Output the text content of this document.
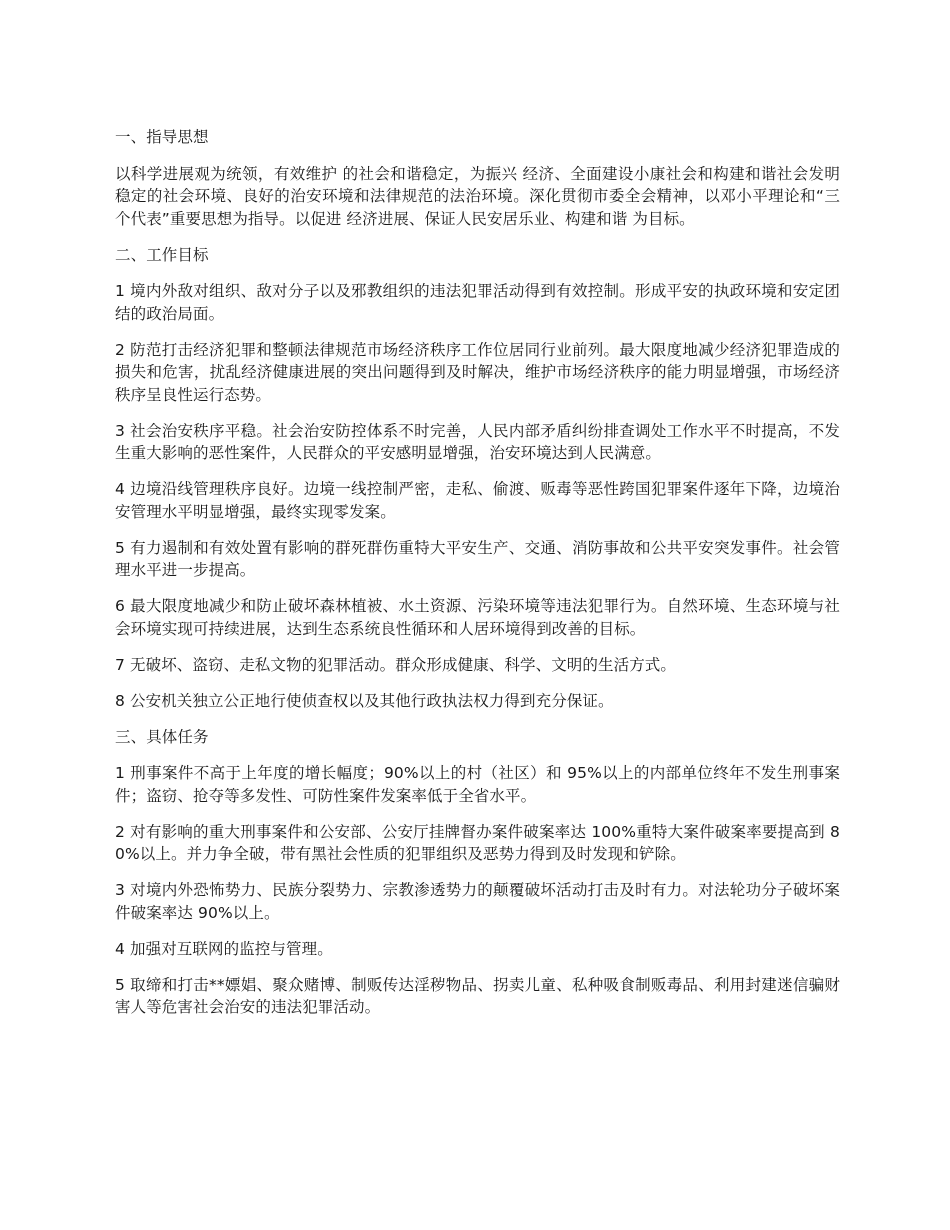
一、指导思想
以科学进展观为统领，有效维护 的社会和谐稳定，为振兴 经济、全面建设小康社会和构建和谐社会发明稳定的社会环境、良好的治安环境和法律规范的法治环境。深化贯彻市委全会精神，以邓小平理论和“三个代表”重要思想为指导。以促进 经济进展、保证人民安居乐业、构建和谐 为目标。
二、工作目标
1 境内外敌对组织、敌对分子以及邪教组织的违法犯罪活动得到有效控制。形成平安的执政环境和安定团结的政治局面。
2 防范打击经济犯罪和整顿法律规范市场经济秩序工作位居同行业前列。最大限度地减少经济犯罪造成的损失和危害，扰乱经济健康进展的突出问题得到及时解决，维护市场经济秩序的能力明显增强，市场经济秩序呈良性运行态势。
3 社会治安秩序平稳。社会治安防控体系不时完善，人民内部矛盾纠纷排查调处工作水平不时提高，不发生重大影响的恶性案件，人民群众的平安感明显增强，治安环境达到人民满意。
4 边境沿线管理秩序良好。边境一线控制严密，走私、偷渡、贩毒等恶性跨国犯罪案件逐年下降，边境治安管理水平明显增强，最终实现零发案。
5 有力遏制和有效处置有影响的群死群伤重特大平安生产、交通、消防事故和公共平安突发事件。社会管理水平进一步提高。
6 最大限度地减少和防止破坏森林植被、水土资源、污染环境等违法犯罪行为。自然环境、生态环境与社会环境实现可持续进展，达到生态系统良性循环和人居环境得到改善的目标。
7 无破坏、盗窃、走私文物的犯罪活动。群众形成健康、科学、文明的生活方式。
8 公安机关独立公正地行使侦查权以及其他行政执法权力得到充分保证。
三、具体任务
1 刑事案件不高于上年度的增长幅度；90%以上的村（社区）和 95%以上的内部单位终年不发生刑事案件；盗窃、抢夺等多发性、可防性案件发案率低于全省水平。
2 对有影响的重大刑事案件和公安部、公安厅挂牌督办案件破案率达 100%重特大案件破案率要提高到 80%以上。并力争全破，带有黑社会性质的犯罪组织及恶势力得到及时发现和铲除。
3 对境内外恐怖势力、民族分裂势力、宗教渗透势力的颠覆破坏活动打击及时有力。对法轮功分子破坏案件破案率达 90%以上。
4 加强对互联网的监控与管理。
5 取缔和打击**嫖娼、聚众赌博、制贩传达淫秽物品、拐卖儿童、私种吸食制贩毒品、利用封建迷信骗财害人等危害社会治安的违法犯罪活动。
